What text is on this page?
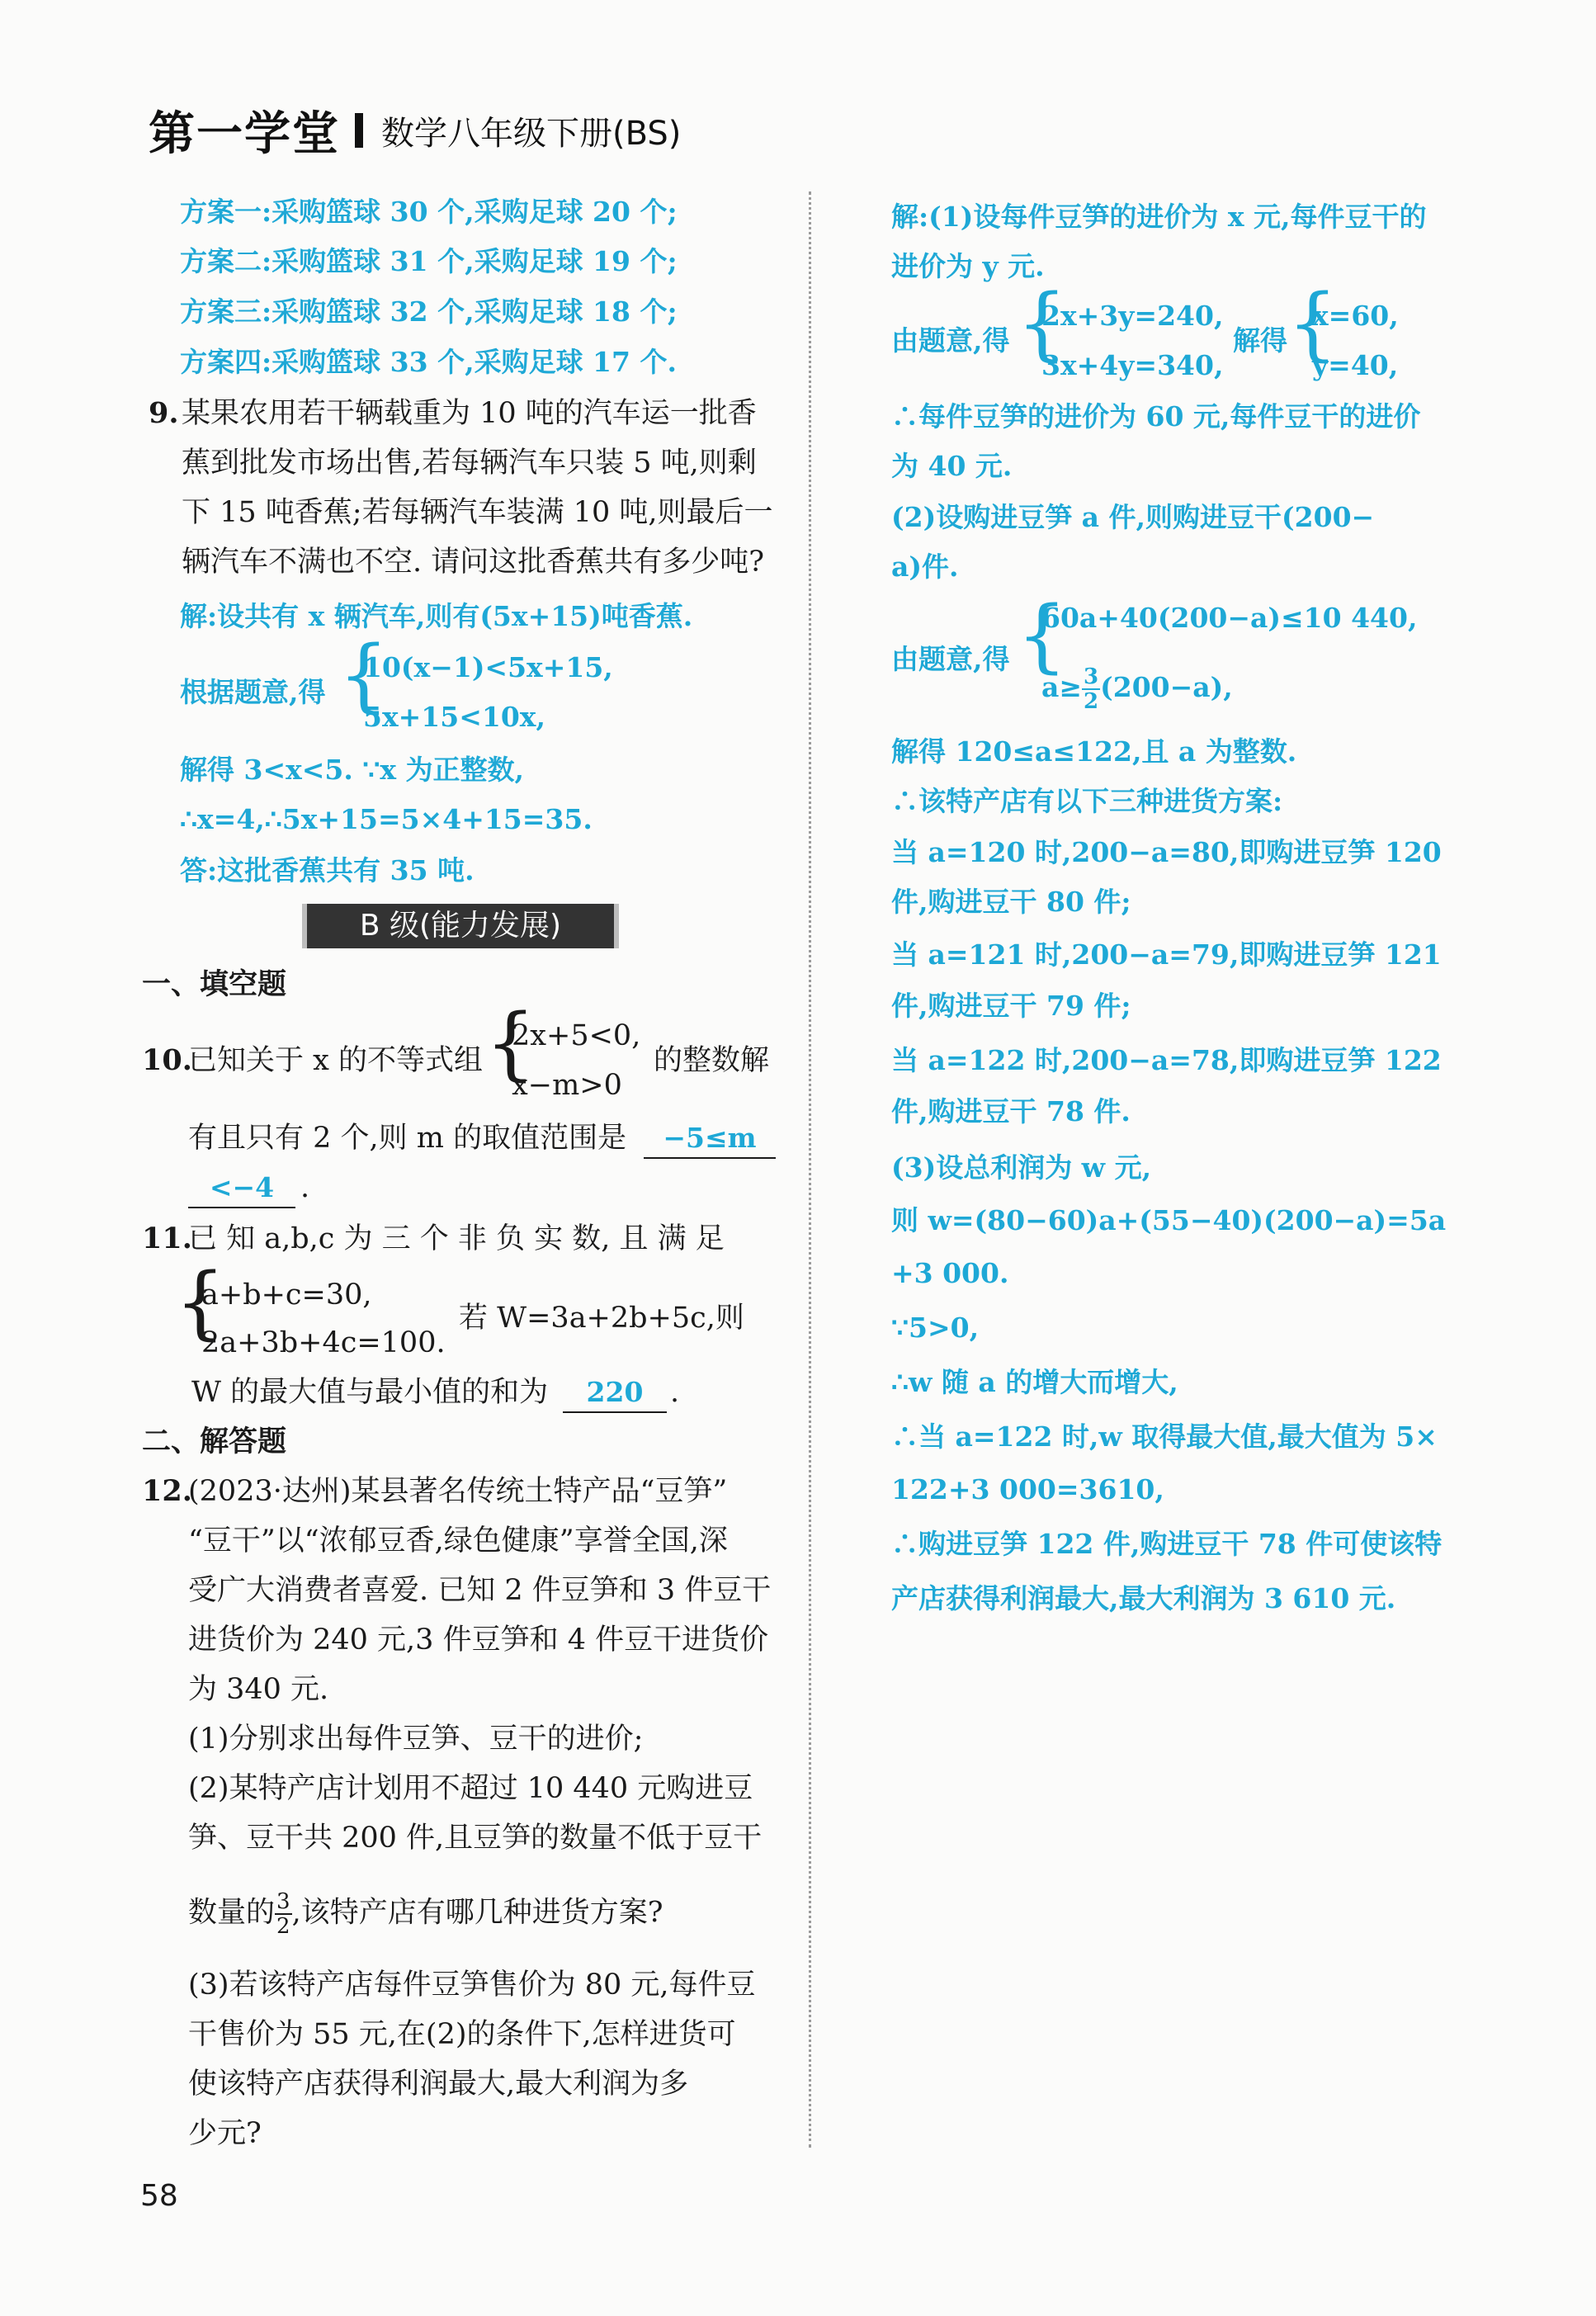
第一学堂 数学八年级下册(BS)
方案一:采购篮球 30 个,采购足球 20 个;
方案二:采购篮球 31 个,采购足球 19 个;
方案三:采购篮球 32 个,采购足球 18 个;
方案四:采购篮球 33 个,采购足球 17 个.
9. 某果农用若干辆载重为 10 吨的汽车运一批香
蕉到批发市场出售,若每辆汽车只装 5 吨,则剩
下 15 吨香蕉;若每辆汽车装满 10 吨,则最后一
辆汽车不满也不空. 请问这批香蕉共有多少吨?
解:设共有 x 辆汽车,则有(5x+15)吨香蕉.
根据题意,得 {
10(x−1)<5x+15,
5x+15<10x,
解得 3<x<5. ∵x 为正整数,
∴x=4,∴5x+15=5×4+15=35.
答:这批香蕉共有 35 吨.
B 级(能力发展)
一、填空题
10.
已知关于 x 的不等式组 {
2x+5<0,
x−m>0
的整数解
有且只有 2 个,则 m 的取值范围是	−5≤m
<−4 .
11.
已 知 a,b,c 为 三 个 非 负 实 数, 且 满 足
{
a+b+c=30,
2a+3b+4c=100.
若 W=3a+2b+5c,则
W 的最大值与最小值的和为	220 .
二、解答题
12.
(2023·达州)某县著名传统土特产品“豆笋”
“豆干”以“浓郁豆香,绿色健康”享誉全国,深
受广大消费者喜爱. 已知 2 件豆笋和 3 件豆干
进货价为 240 元,3 件豆笋和 4 件豆干进货价
为 340 元.
(1)分别求出每件豆笋、豆干的进价;
(2)某特产店计划用不超过 10 440 元购进豆
笋、豆干共 200 件,且豆笋的数量不低于豆干
数量的 $\frac{3}{2}$ ,该特产店有哪几种进货方案?
(3)若该特产店每件豆笋售价为 80 元,每件豆
干售价为 55 元,在(2)的条件下,怎样进货可
使该特产店获得利润最大,最大利润为多
少元?
解:(1)设每件豆笋的进价为 x 元,每件豆干的
进价为 y 元.
由题意,得 {
2x+3y=240,
3x+4y=340,
解得 {
x=60,
y=40,
∴每件豆笋的进价为 60 元,每件豆干的进价
为 40 元.
(2)设购进豆笋 a 件,则购进豆干(200−
a)件.
由题意,得 {
60a+40(200−a)≤10 440,
$a\ge \frac{3}{2} (200-a)$,
解得 120≤a≤122,且 a 为整数.
∴该特产店有以下三种进货方案:
当 a=120 时,200−a=80,即购进豆笋 120
件,购进豆干 80 件;
当 a=121 时,200−a=79,即购进豆笋 121
件,购进豆干 79 件;
当 a=122 时,200−a=78,即购进豆笋 122
件,购进豆干 78 件.
(3)设总利润为 w 元,
则 w=(80−60)a+(55−40)(200−a)=5a
+3 000.
∵5>0,
∴w 随 a 的增大而增大,
∴当 a=122 时,w 取得最大值,最大值为 5×
122+3 000=3610,
∴购进豆笋 122 件,购进豆干 78 件可使该特
产店获得利润最大,最大利润为 3 610 元.
58
